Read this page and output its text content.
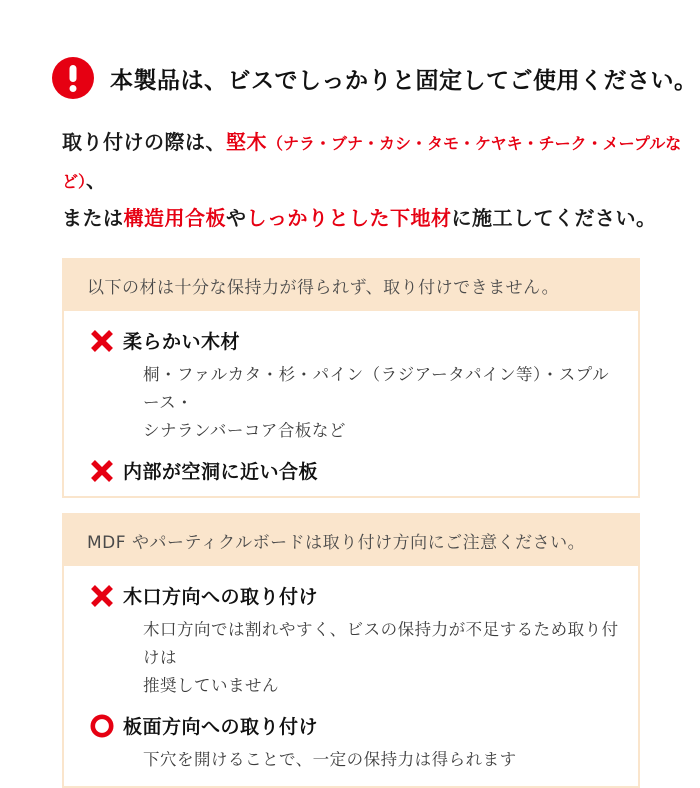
本製品は、ビスでしっかりと固定してご使用ください。
取り付けの際は、堅木（ナラ・ブナ・カシ・タモ・ケヤキ・チーク・メープルなど）、
または構造用合板やしっかりとした下地材に施工してください。
以下の材は十分な保持力が得られず、取り付けできません。
柔らかい木材
桐・ファルカタ・杉・パイン（ラジアータパイン等）・スプルース・
シナランバーコア合板など
内部が空洞に近い合板
MDF やパーティクルボードは取り付け方向にご注意ください。
木口方向への取り付け
木口方向では割れやすく、ビスの保持力が不足するため取り付けは
推奨していません
板面方向への取り付け
下穴を開けることで、一定の保持力は得られます
